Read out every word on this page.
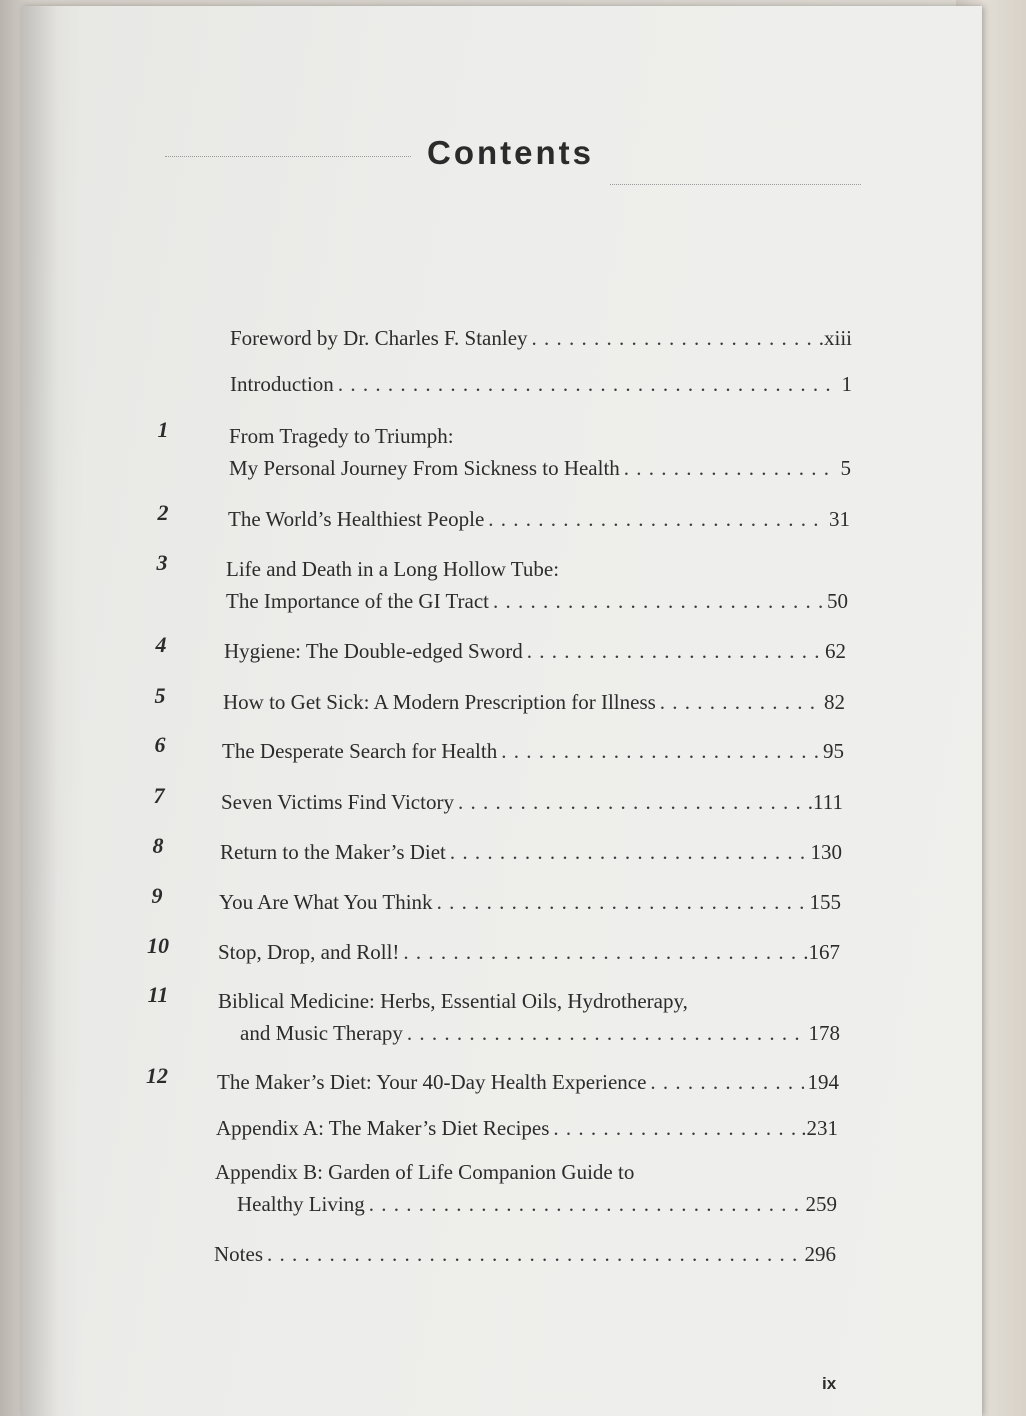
Contents
Foreword by Dr. Charles F. Stanley . . .	.xiii
Introduction . . .	1
1	From Tragedy to Triumph:
My Personal Journey From Sickness to Health . . .	5
2	The World’s Healthiest People . . .	31
3	Life and Death in a Long Hollow Tube:
The Importance of the GI Tract . . .	50
4	Hygiene: The Double-edged Sword . . .	62
5	How to Get Sick: A Modern Prescription for Illness . . .	82
6	The Desperate Search for Health . . .	95
7	Seven Victims Find Victory . . .	.111
8	Return to the Maker’s Diet . . .	130
9	You Are What You Think . . .	155
10	Stop, Drop, and Roll! . . .	.167
11	Biblical Medicine: Herbs, Essential Oils, Hydrotherapy,
and Music Therapy . . .	178
12	The Maker’s Diet: Your 40-Day Health Experience . . .	194
Appendix A: The Maker’s Diet Recipes . . .	.231
Appendix B: Garden of Life Companion Guide to
Healthy Living . . .	259
Notes . . .	296
ix
